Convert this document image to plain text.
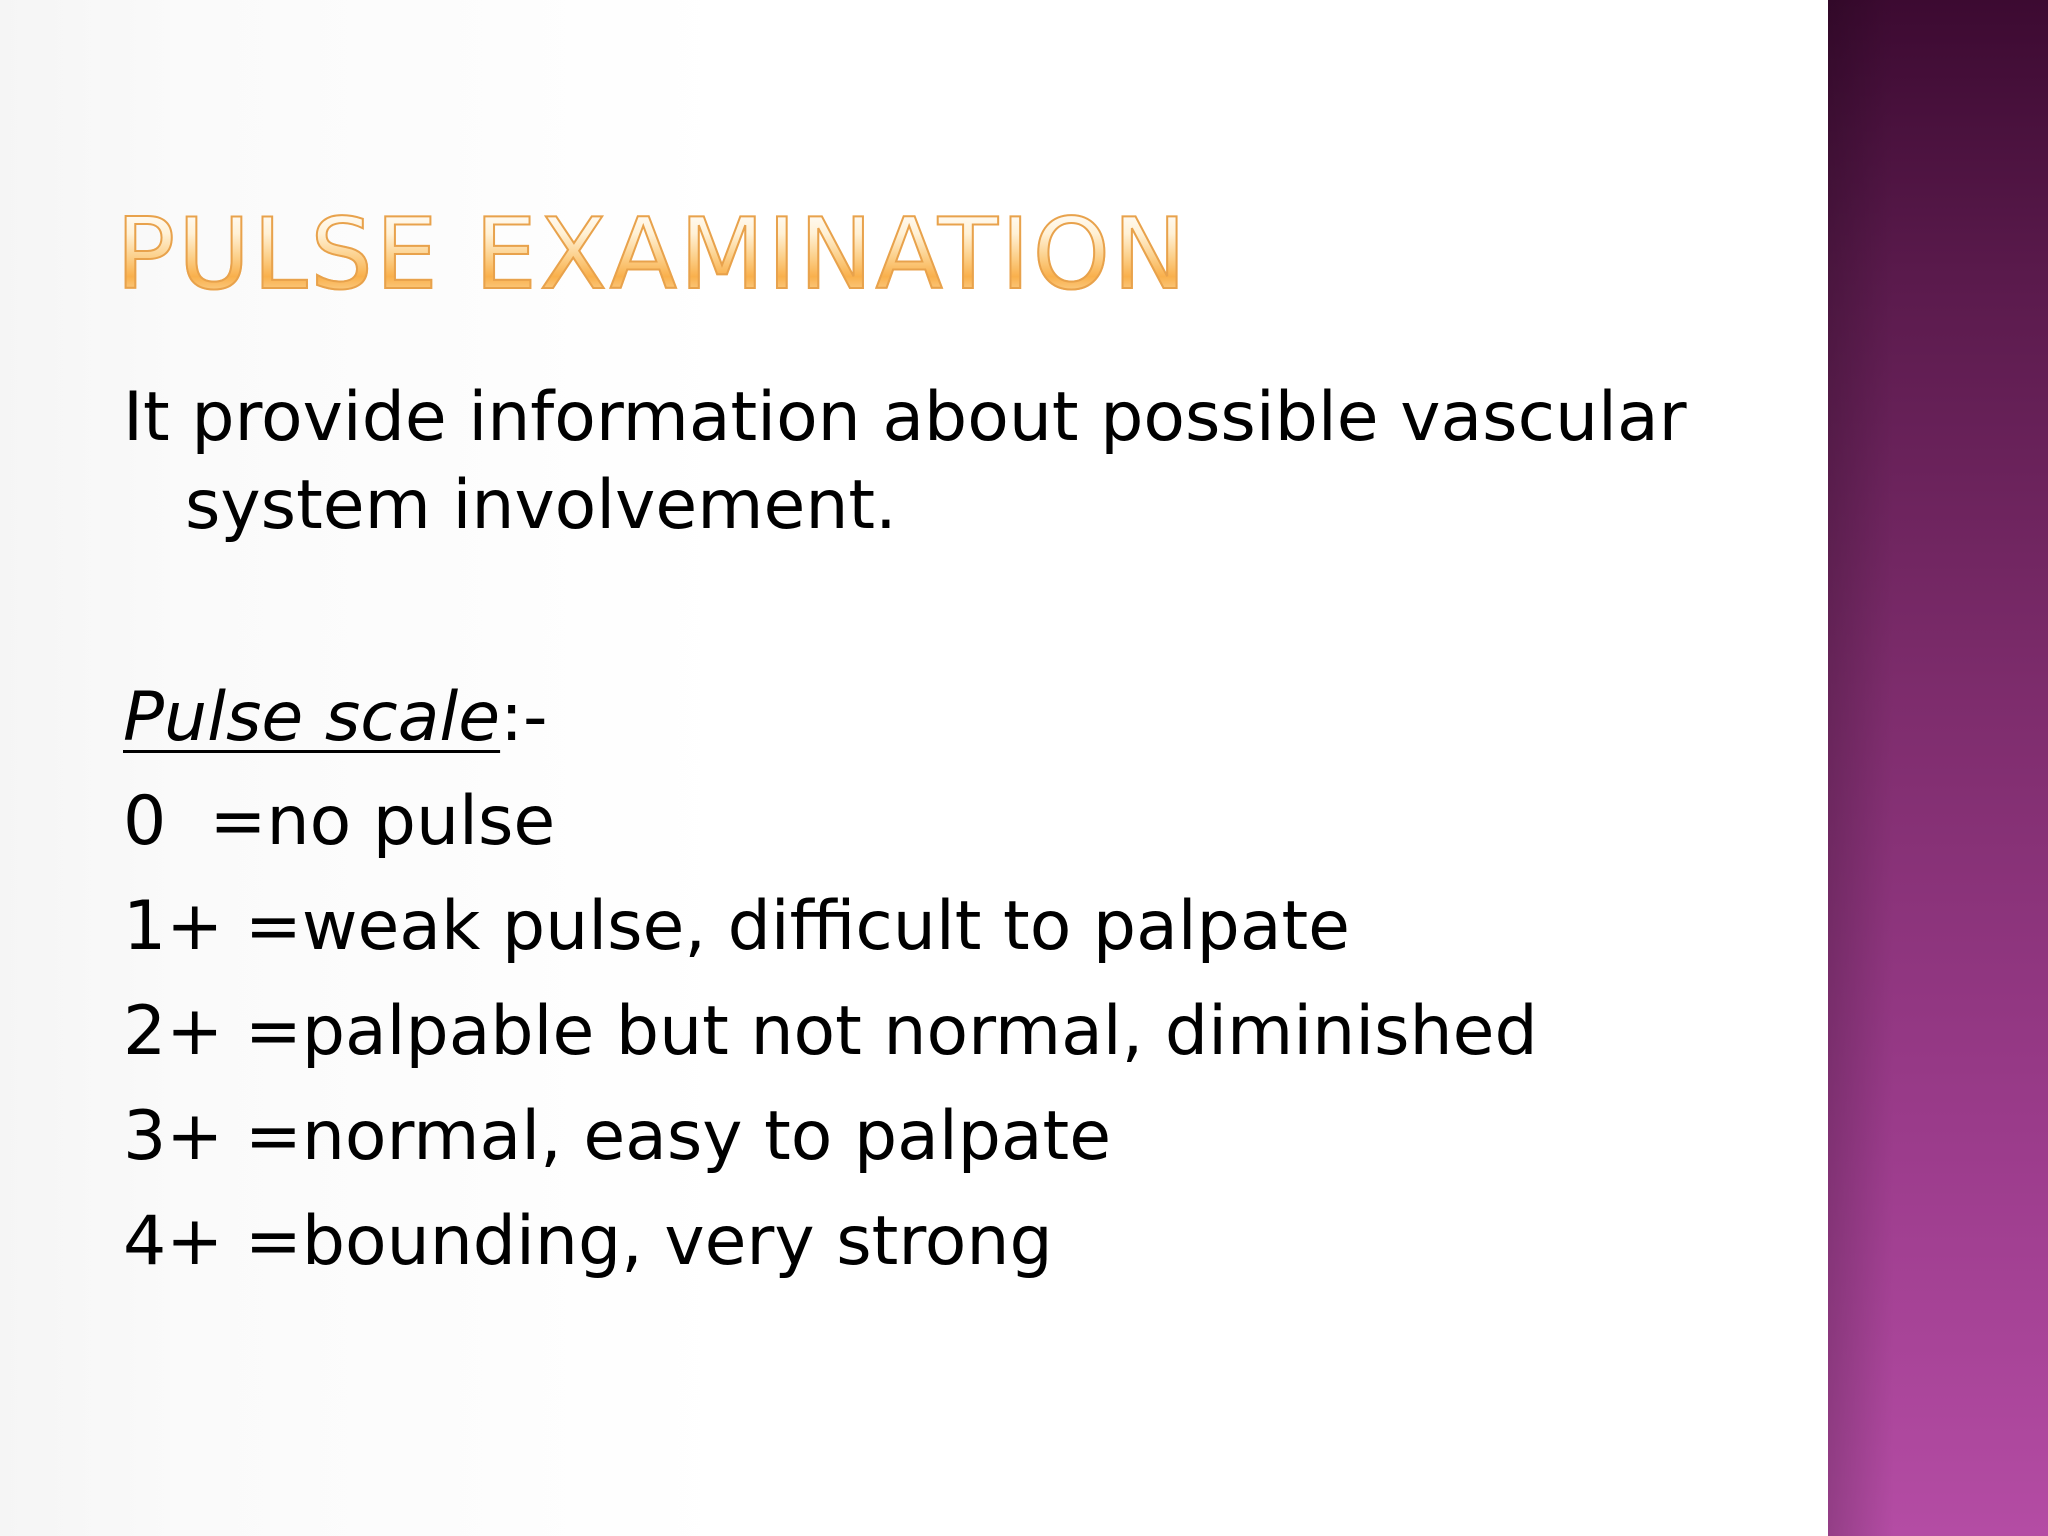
PULSE EXAMINATION
It provide information about possible vascular
system involvement.
Pulse scale:-
0  =no pulse
1+ =weak pulse, difficult to palpate
2+ =palpable but not normal, diminished
3+ =normal, easy to palpate
4+ =bounding, very strong
